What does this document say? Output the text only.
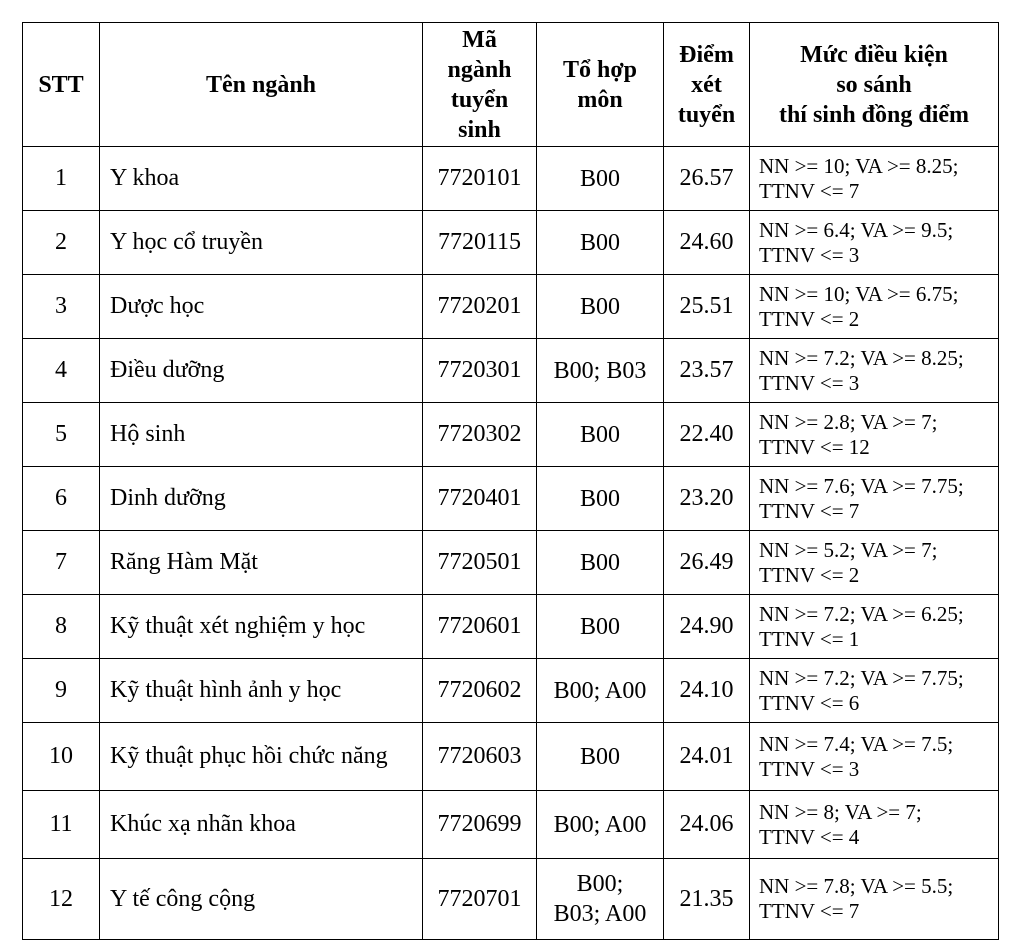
STT	Tên ngành	Mã
ngành
tuyển
sinh	Tổ hợp
môn	Điểm
xét
tuyển	Mức điều kiện
so sánh
thí sinh đồng điểm

1	Y khoa	7720101	B00	26.57	NN >= 10; VA >= 8.25;
TTNV <= 7

2	Y học cổ truyền	7720115	B00	24.60	NN >= 6.4; VA >= 9.5;
TTNV <= 3

3	Dược học	7720201	B00	25.51	NN >= 10; VA >= 6.75;
TTNV <= 2

4	Điều dưỡng	7720301	B00; B03	23.57	NN >= 7.2; VA >= 8.25;
TTNV <= 3

5	Hộ sinh	7720302	B00	22.40	NN >= 2.8; VA >= 7;
TTNV <= 12

6	Dinh dưỡng	7720401	B00	23.20	NN >= 7.6; VA >= 7.75;
TTNV <= 7

7	Răng Hàm Mặt	7720501	B00	26.49	NN >= 5.2; VA >= 7;
TTNV <= 2

8	Kỹ thuật xét nghiệm y học	7720601	B00	24.90	NN >= 7.2; VA >= 6.25;
TTNV <= 1

9	Kỹ thuật hình ảnh y học	7720602	B00; A00	24.10	NN >= 7.2; VA >= 7.75;
TTNV <= 6

10	Kỹ thuật phục hồi chức năng	7720603	B00	24.01	NN >= 7.4; VA >= 7.5;
TTNV <= 3

11	Khúc xạ nhãn khoa	7720699	B00; A00	24.06	NN >= 8; VA >= 7;
TTNV <= 4

12	Y tế công cộng	7720701	B00;
B03; A00	21.35	NN >= 7.8; VA >= 5.5;
TTNV <= 7
